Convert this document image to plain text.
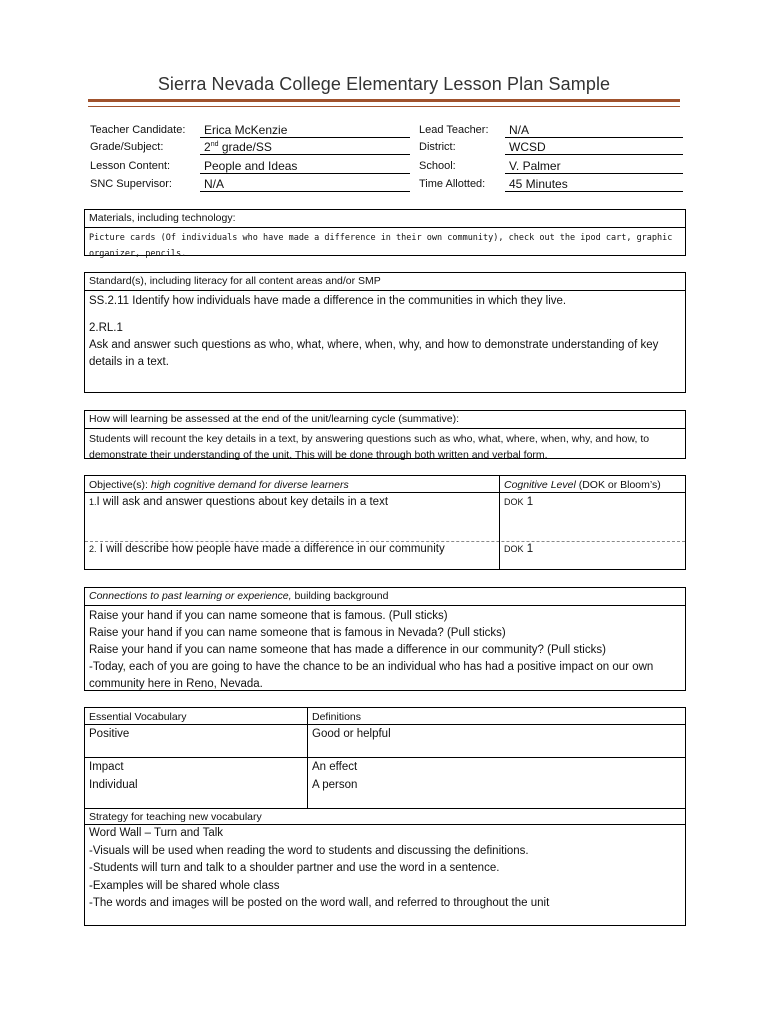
Sierra Nevada College Elementary Lesson Plan Sample
Teacher Candidate:	Erica McKenzie	Lead Teacher:	N/A
Grade/Subject:	2nd grade/SS	District:	WCSD
Lesson Content:	People and Ideas	School:	V. Palmer
SNC Supervisor:	N/A	Time Allotted:	45 Minutes
Materials, including technology:
Picture cards (Of individuals who have made a difference in their own community), check out the ipod cart, graphic organizer, pencils.
Standard(s), including literacy for all content areas and/or SMP
SS.2.11 Identify how individuals have made a difference in the communities in which they live.
2.RL.1
Ask and answer such questions as who, what, where, when, why, and how to demonstrate understanding of key details in a text.
How will learning be assessed at the end of the unit/learning cycle (summative):
Students will recount the key details in a text, by answering questions such as who, what, where, when, why, and how, to demonstrate their understanding of the unit. This will be done through both written and verbal form.
Objective(s): high cognitive demand for diverse learners	Cognitive Level (DOK or Bloom’s)
1.I will ask and answer questions about key details in a text	DOK 1
2. I will describe how people have made a difference in our community	DOK 1
Connections to past learning or experience, building background
Raise your hand if you can name someone that is famous. (Pull sticks)
Raise your hand if you can name someone that is famous in Nevada? (Pull sticks)
Raise your hand if you can name someone that has made a difference in our community? (Pull sticks)
-Today, each of you are going to have the chance to be an individual who has had a positive impact on our own community here in Reno, Nevada.
Essential Vocabulary	Definitions
Positive	Good or helpful
Impact	An effect
Individual	A person
Strategy for teaching new vocabulary
Word Wall – Turn and Talk
-Visuals will be used when reading the word to students and discussing the definitions.
-Students will turn and talk to a shoulder partner and use the word in a sentence.
-Examples will be shared whole class
-The words and images will be posted on the word wall, and referred to throughout the unit
